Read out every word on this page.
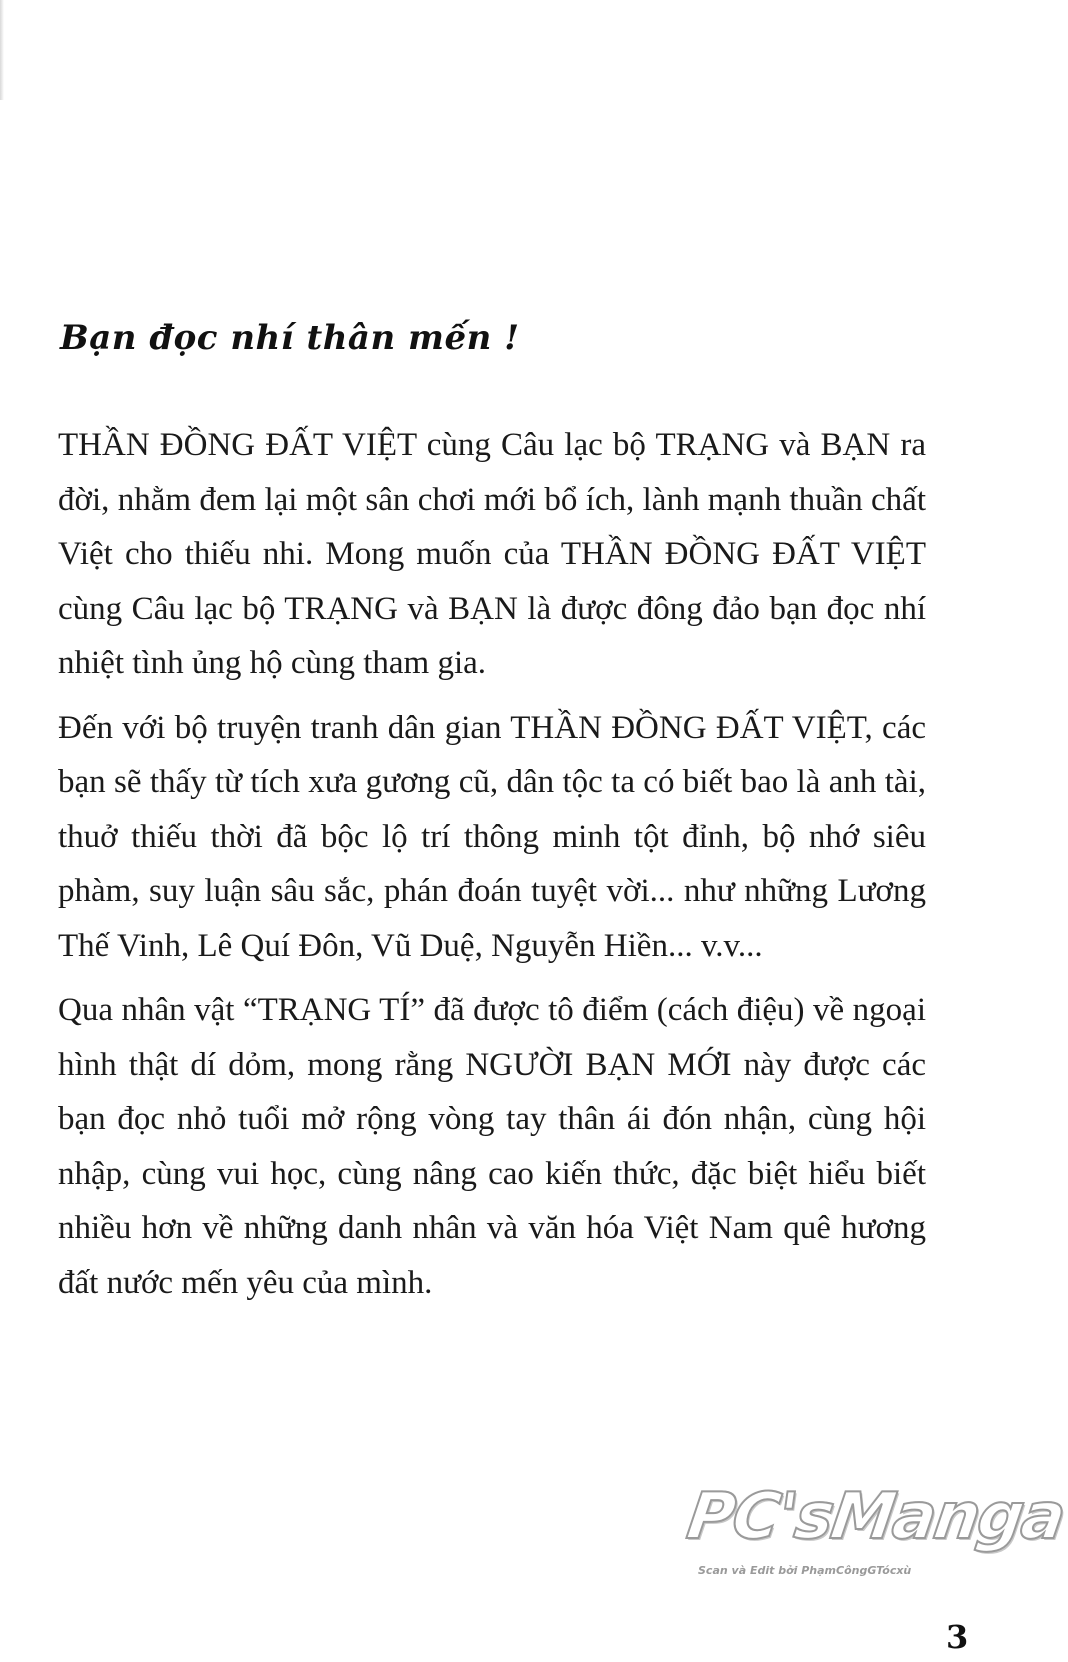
Bạn đọc nhí thân mến !

THẦN ĐỒNG ĐẤT VIỆT cùng Câu lạc bộ TRẠNG và BẠN ra đời, nhằm đem lại một sân chơi mới bổ ích, lành mạnh thuần chất Việt cho thiếu nhi. Mong muốn của THẦN ĐỒNG ĐẤT VIỆT cùng Câu lạc bộ TRẠNG và BẠN là được đông đảo bạn đọc nhí nhiệt tình ủng hộ cùng tham gia.

Đến với bộ truyện tranh dân gian THẦN ĐỒNG ĐẤT VIỆT, các bạn sẽ thấy từ tích xưa gương cũ, dân tộc ta có biết bao là anh tài, thuở thiếu thời đã bộc lộ trí thông minh tột đỉnh, bộ nhớ siêu phàm, suy luận sâu sắc, phán đoán tuyệt vời... như những Lương Thế Vinh, Lê Quí Đôn, Vũ Duệ, Nguyễn Hiền... v.v...

Qua nhân vật “TRẠNG TÍ” đã được tô điểm (cách điệu) về ngoại hình thật dí dỏm, mong rằng NGƯỜI BẠN MỚI này được các bạn đọc nhỏ tuổi mở rộng vòng tay thân ái đón nhận, cùng hội nhập, cùng vui học, cùng nâng cao kiến thức, đặc biệt hiểu biết nhiều hơn về những danh nhân và văn hóa Việt Nam quê hương đất nước mến yêu của mình.

PC'sManga
Scan và Edit bởi PhạmCôngGTócxù
3
